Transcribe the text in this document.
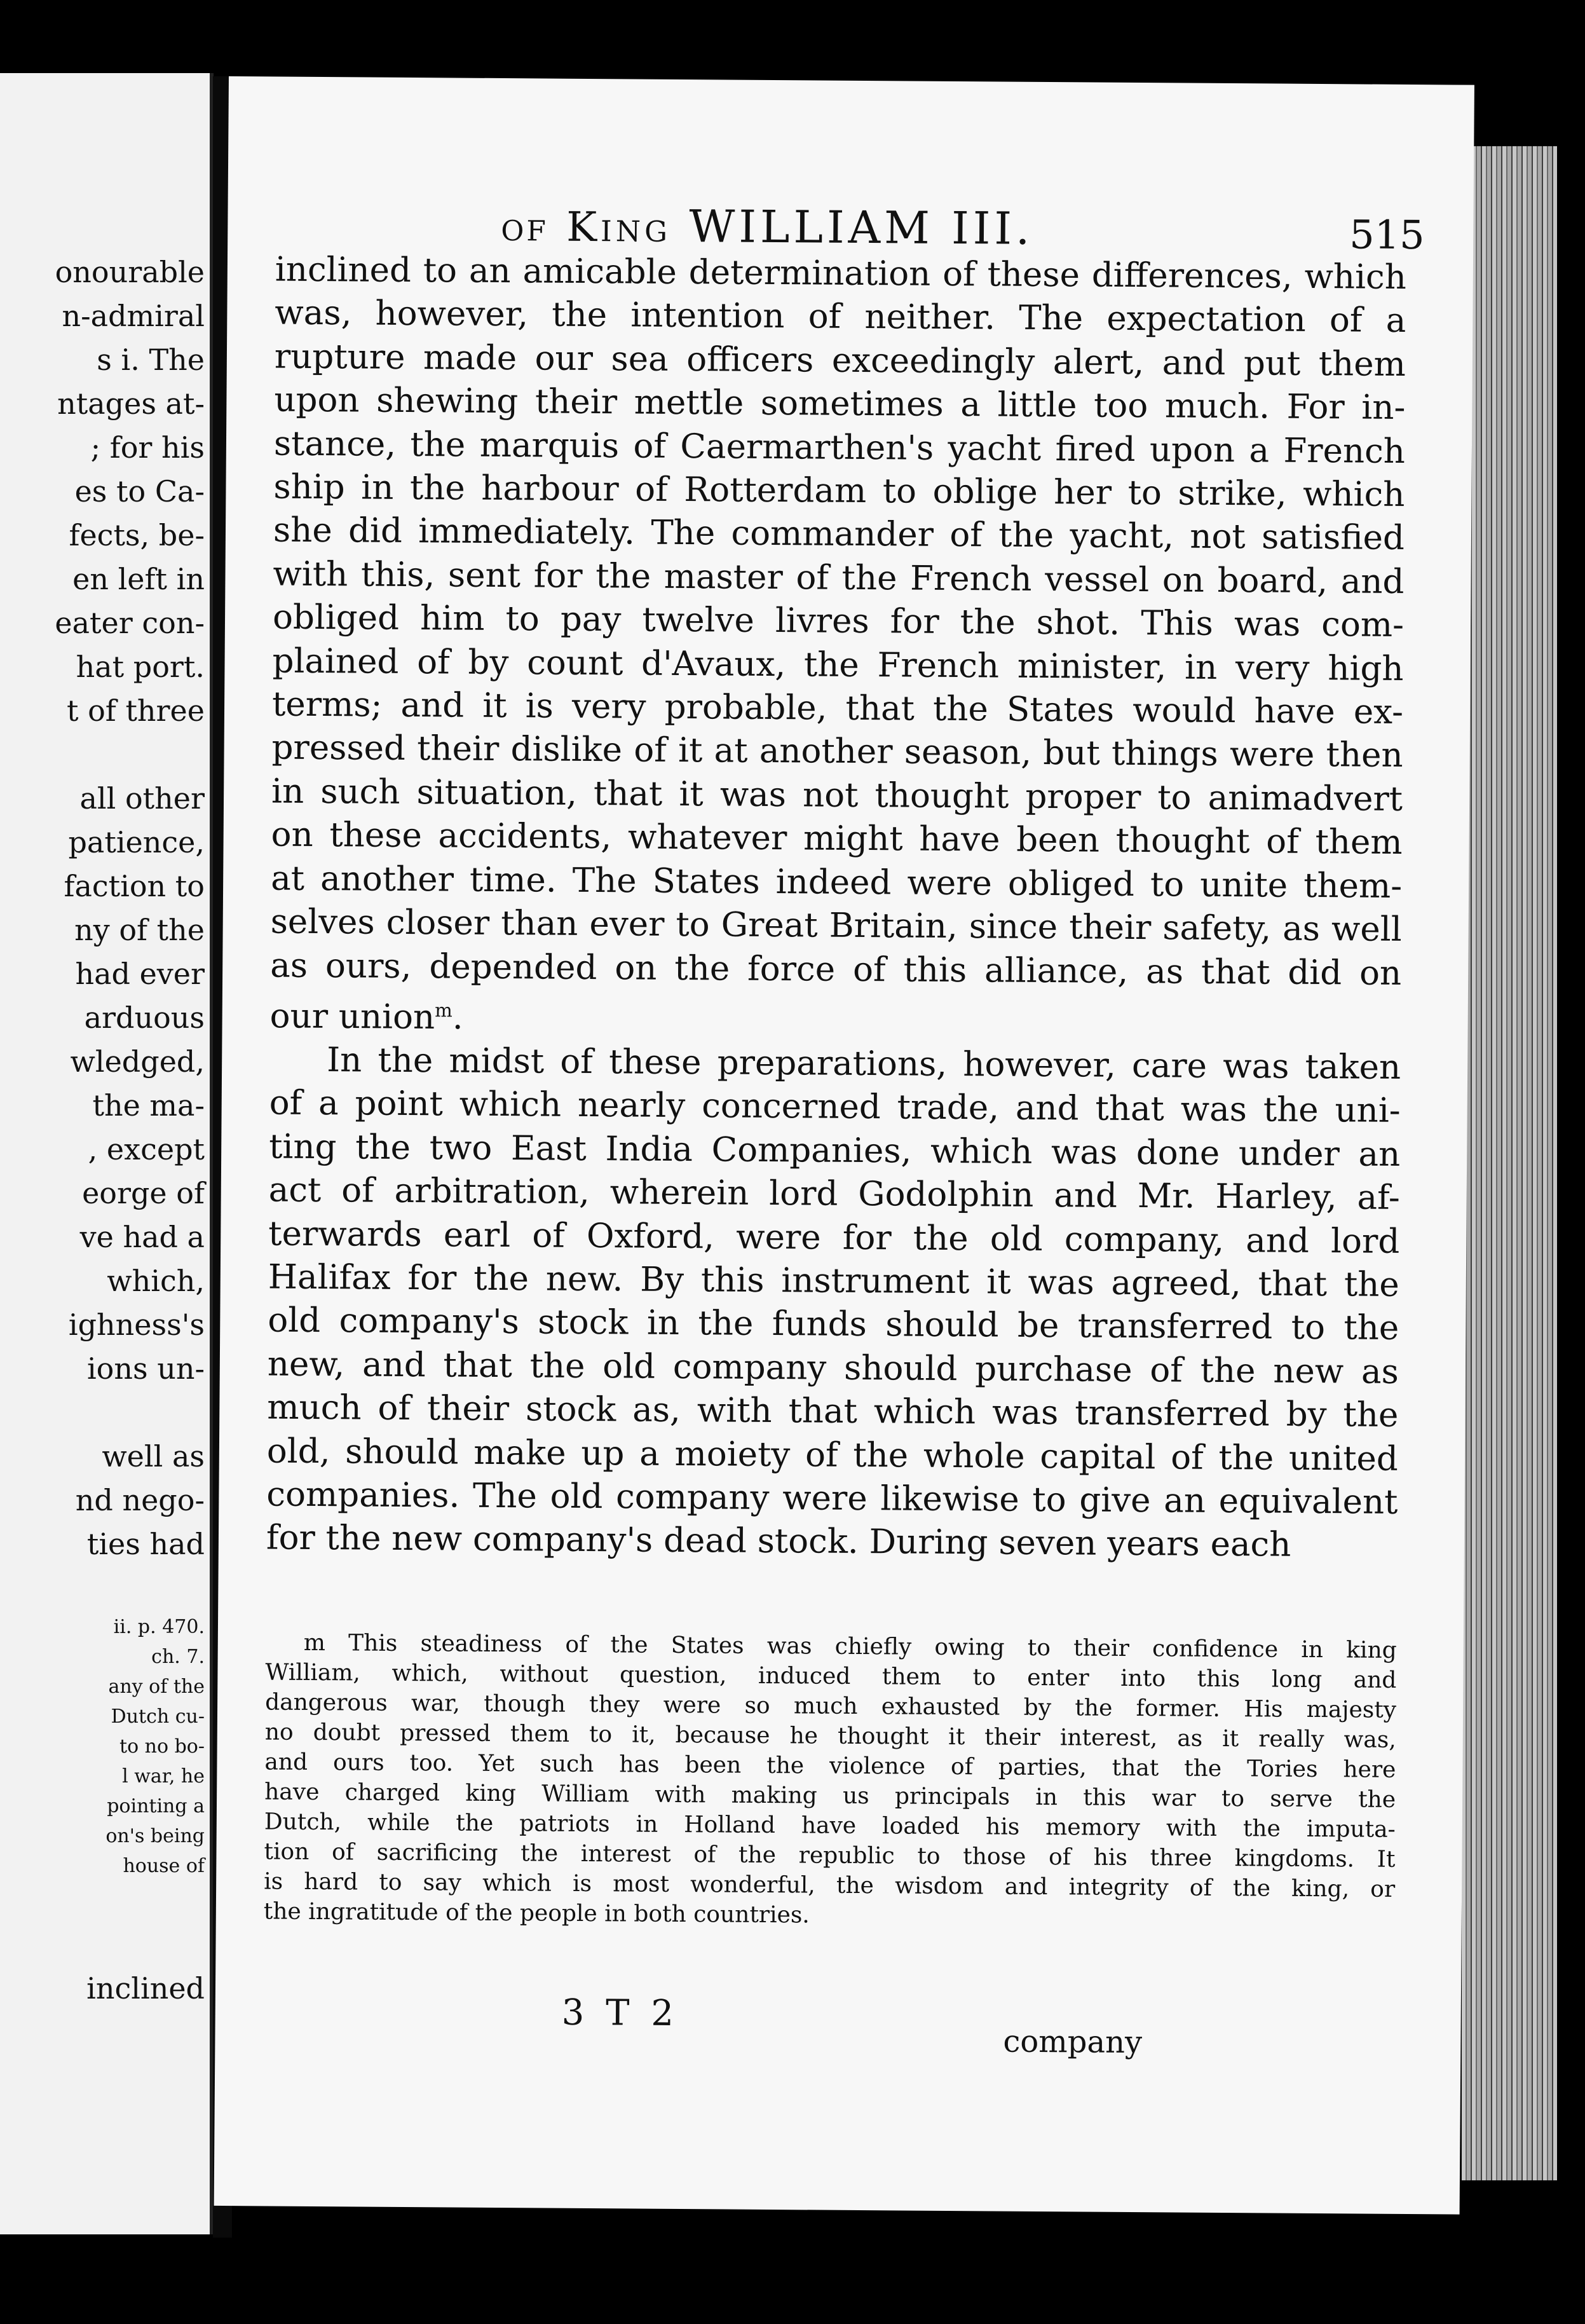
onourable
n-admiral
s i. The
ntages at-
; for his
es to Ca-
fects, be-
en left in
eater con-
hat port.
t of three
all other
patience,
faction to
ny of the
had ever
arduous
wledged,
the ma-
, except
eorge of
ve had a
which,
ighness's
ions un-
well as
nd nego-
ties had
ii. p. 470.
ch. 7.
any of the
Dutch cu-
to no bo-
l war, he
pointing a
on's being
house of
inclined
OF King WILLIAM III.	515
inclined to an amicable determination of these differences, which
was, however, the intention of neither. The expectation of a
rupture made our sea officers exceedingly alert, and put them
upon shewing their mettle sometimes a little too much. For in-
stance, the marquis of Caermarthen's yacht fired upon a French
ship in the harbour of Rotterdam to oblige her to strike, which
she did immediately. The commander of the yacht, not satisfied
with this, sent for the master of the French vessel on board, and
obliged him to pay twelve livres for the shot. This was com-
plained of by count d'Avaux, the French minister, in very high
terms; and it is very probable, that the States would have ex-
pressed their dislike of it at another season, but things were then
in such situation, that it was not thought proper to animadvert
on these accidents, whatever might have been thought of them
at another time. The States indeed were obliged to unite them-
selves closer than ever to Great Britain, since their safety, as well
as ours, depended on the force of this alliance, as that did on
our union$^m$.
In the midst of these preparations, however, care was taken
of a point which nearly concerned trade, and that was the uni-
ting the two East India Companies, which was done under an
act of arbitration, wherein lord Godolphin and Mr. Harley, af-
terwards earl of Oxford, were for the old company, and lord
Halifax for the new. By this instrument it was agreed, that the
old company's stock in the funds should be transferred to the
new, and that the old company should purchase of the new as
much of their stock as, with that which was transferred by the
old, should make up a moiety of the whole capital of the united
companies. The old company were likewise to give an equivalent
for the new company's dead stock. During seven years each
m This steadiness of the States was chiefly owing to their confidence in king
William, which, without question, induced them to enter into this long and
dangerous war, though they were so much exhausted by the former. His majesty
no doubt pressed them to it, because he thought it their interest, as it really was,
and ours too. Yet such has been the violence of parties, that the Tories here
have charged king William with making us principals in this war to serve the
Dutch, while the patriots in Holland have loaded his memory with the imputa-
tion of sacrificing the interest of the republic to those of his three kingdoms. It
is hard to say which is most wonderful, the wisdom and integrity of the king, or
the ingratitude of the people in both countries.
3 T 2
company
